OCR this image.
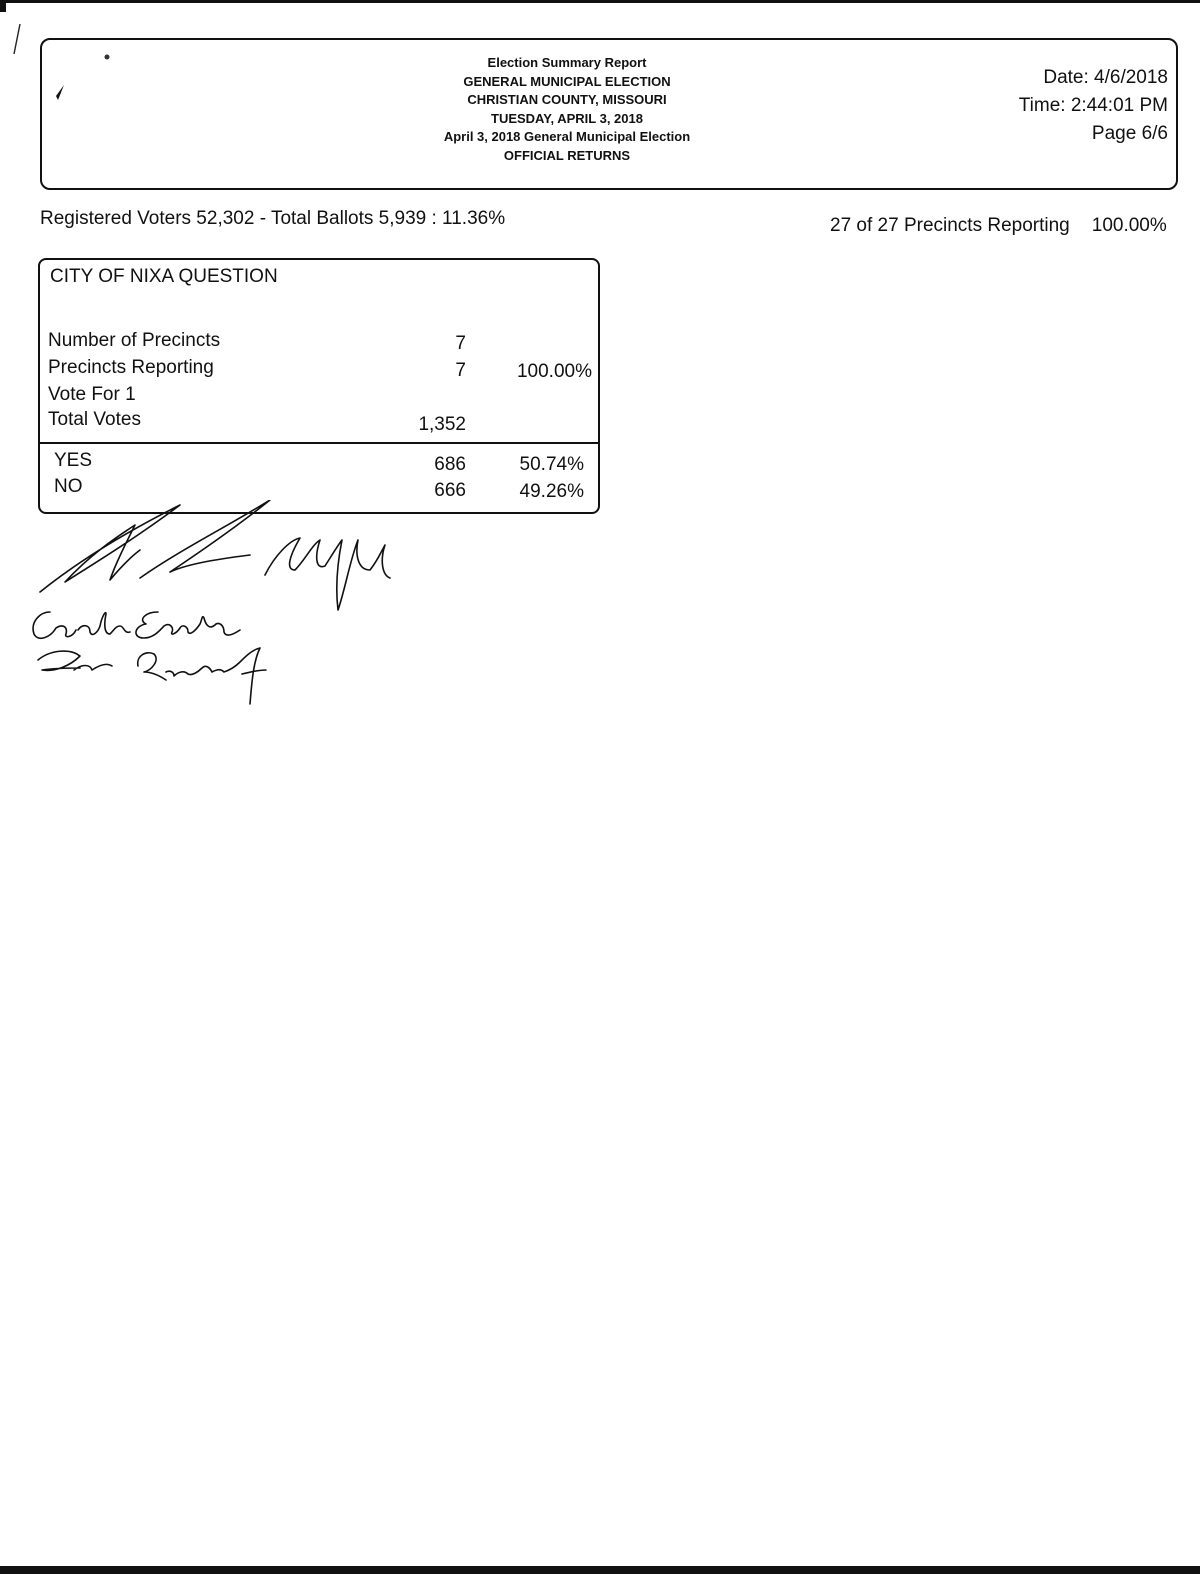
Election Summary Report
GENERAL MUNICIPAL ELECTION
CHRISTIAN COUNTY, MISSOURI
TUESDAY, APRIL 3, 2018
April 3, 2018 General Municipal Election
OFFICIAL RETURNS
Date: 4/6/2018
Time: 2:44:01 PM
Page 6/6
Registered Voters 52,302 - Total Ballots 5,939 : 11.36%	27 of 27 Precincts Reporting 100.00%
CITY OF NIXA QUESTION
Number of Precincts	7
Precincts Reporting	7	100.00%
Vote For 1
Total Votes	1,352
YES	686	50.74%
NO	666	49.26%
